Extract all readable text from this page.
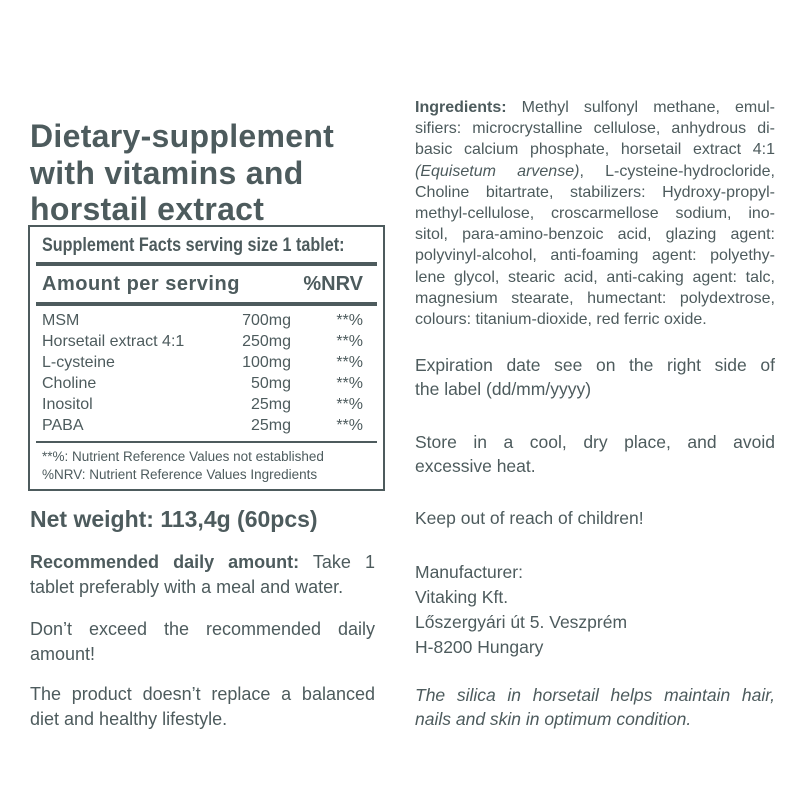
Dietary-supplement
with vitamins and
horstail extract
Supplement Facts serving size 1 tablet:
Amount per serving	%NRV
MSM	700mg	**%
Horsetail extract 4:1	250mg	**%
L-cysteine	100mg	**%
Choline	50mg	**%
Inositol	25mg	**%
PABA	25mg	**%
**%: Nutrient Reference Values not established
%NRV: Nutrient Reference Values Ingredients
Net weight: 113,4g (60pcs)
Recommended daily amount: Take 1
tablet preferably with a meal and water.
Don’t exceed the recommended daily
amount!
The product doesn’t replace a balanced
diet and healthy lifestyle.
Ingredients: Methyl sulfonyl methane, emul-
sifiers: microcrystalline cellulose, anhydrous di-
basic calcium phosphate, horsetail extract 4:1
(Equisetum arvense), L-cysteine-hydrocloride,
Choline bitartrate, stabilizers: Hydroxy-propyl-
methyl-cellulose, croscarmellose sodium, ino-
sitol, para-amino-benzoic acid, glazing agent:
polyvinyl-alcohol, anti-foaming agent: polyethy-
lene glycol, stearic acid, anti-caking agent: talc,
magnesium stearate, humectant: polydextrose,
colours: titanium-dioxide, red ferric oxide.
Expiration date see on the right side of
the label (dd/mm/yyyy)
Store in a cool, dry place, and avoid
excessive heat.
Keep out of reach of children!
Manufacturer:
Vitaking Kft.
Lőszergyári út 5. Veszprém
H-8200 Hungary
The silica in horsetail helps maintain hair,
nails and skin in optimum condition.
